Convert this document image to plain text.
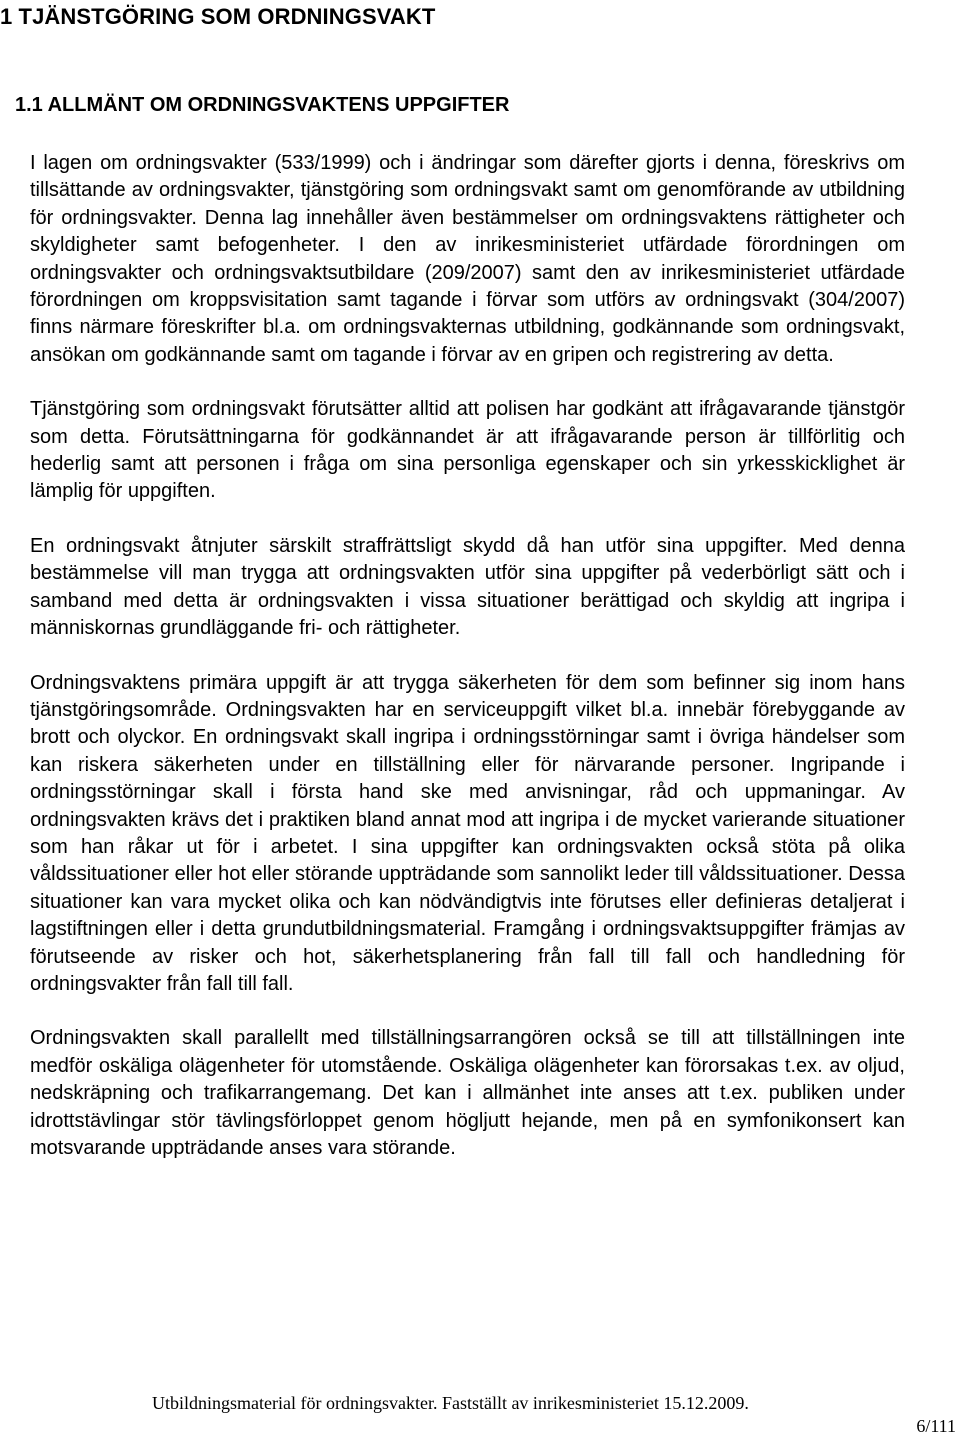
1 TJÄNSTGÖRING SOM ORDNINGSVAKT
1.1 ALLMÄNT OM ORDNINGSVAKTENS UPPGIFTER

I lagen om ordningsvakter (533/1999) och i ändringar som därefter gjorts i denna, föreskrivs om tillsättande av ordningsvakter, tjänstgöring som ordningsvakt samt om genomförande av utbildning för ordningsvakter. Denna lag innehåller även bestämmelser om ordningsvaktens rättigheter och skyldigheter samt befogenheter. I den av inrikesministeriet utfärdade förordningen om ordningsvakter och ordningsvaktsutbildare (209/2007) samt den av inrikesministeriet utfärdade förordningen om kroppsvisitation samt tagande i förvar som utförs av ordningsvakt (304/2007) finns närmare föreskrifter bl.a. om ordningsvakternas utbildning, godkännande som ordningsvakt, ansökan om godkännande samt om tagande i förvar av en gripen och registrering av detta.

Tjänstgöring som ordningsvakt förutsätter alltid att polisen har godkänt att ifrågavarande tjänstgör som detta. Förutsättningarna för godkännandet är att ifrågavarande person är tillförlitig och hederlig samt att personen i fråga om sina personliga egenskaper och sin yrkesskicklighet är lämplig för uppgiften.

En ordningsvakt åtnjuter särskilt straffrättsligt skydd då han utför sina uppgifter. Med denna bestämmelse vill man trygga att ordningsvakten utför sina uppgifter på vederbörligt sätt och i samband med detta är ordningsvakten i vissa situationer berättigad och skyldig att ingripa i människornas grundläggande fri- och rättigheter.

Ordningsvaktens primära uppgift är att trygga säkerheten för dem som befinner sig inom hans tjänstgöringsområde. Ordningsvakten har en serviceuppgift vilket bl.a. innebär förebyggande av brott och olyckor. En ordningsvakt skall ingripa i ordningsstörningar samt i övriga händelser som kan riskera säkerheten under en tillställning eller för närvarande personer. Ingripande i ordningsstörningar skall i första hand ske med anvisningar, råd och uppmaningar. Av ordningsvakten krävs det i praktiken bland annat mod att ingripa i de mycket varierande situationer som han råkar ut för i arbetet. I sina uppgifter kan ordningsvakten också stöta på olika våldssituationer eller hot eller störande uppträdande som sannolikt leder till våldssituationer. Dessa situationer kan vara mycket olika och kan nödvändigtvis inte förutses eller definieras detaljerat i lagstiftningen eller i detta grundutbildningsmaterial. Framgång i ordningsvaktsuppgifter främjas av förutseende av risker och hot, säkerhetsplanering från fall till fall och handledning för ordningsvakter från fall till fall.

Ordningsvakten skall parallellt med tillställningsarrangören också se till att tillställningen inte medför oskäliga olägenheter för utomstående. Oskäliga olägenheter kan förorsakas t.ex. av oljud, nedskräpning och trafikarrangemang. Det kan i allmänhet inte anses att t.ex. publiken under idrottstävlingar stör tävlingsförloppet genom högljutt hejande, men på en symfonikonsert kan motsvarande uppträdande anses vara störande.

Utbildningsmaterial för ordningsvakter. Fastställt av inrikesministeriet 15.12.2009.
6/111
